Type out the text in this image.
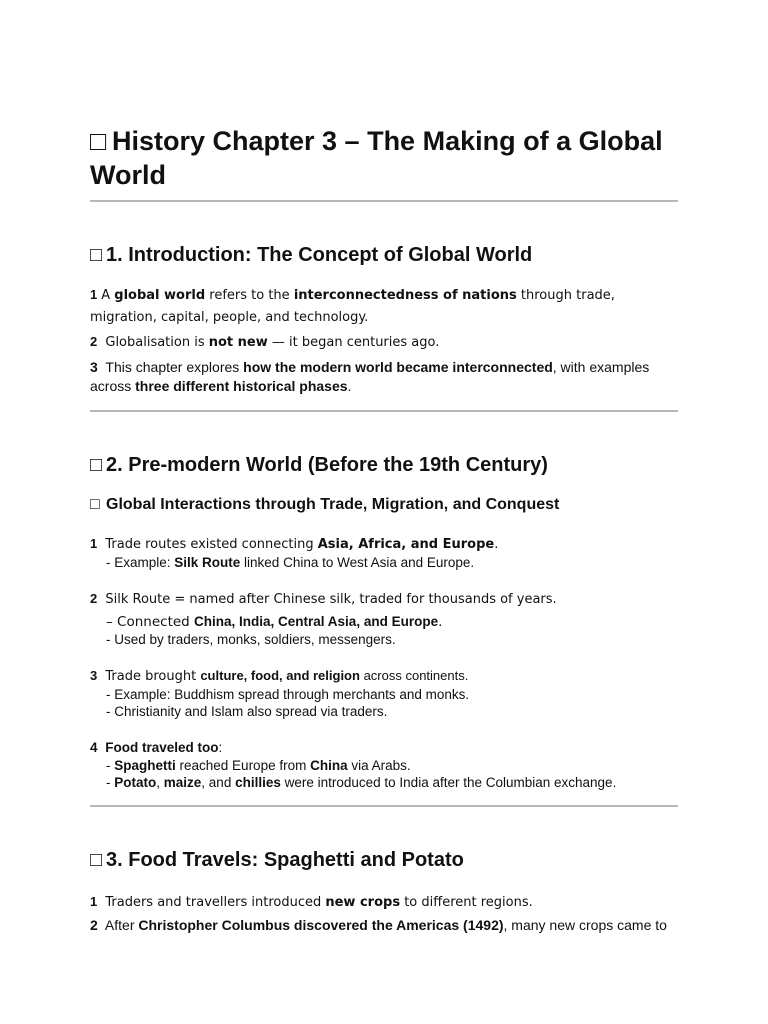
□ History Chapter 3 – The Making of a Global World
□ 1. Introduction: The Concept of Global World

1 A global world refers to the interconnectedness of nations through trade, migration, capital, people, and technology.

2 Globalisation is not new — it began centuries ago.

3 This chapter explores how the modern world became interconnected, with examples across three different historical phases.

□ 2. Pre-modern World (Before the 19th Century)
□ Global Interactions through Trade, Migration, and Conquest

1 Trade routes existed connecting Asia, Africa, and Europe.

- Example: Silk Route linked China to West Asia and Europe.

2 Silk Route = named after Chinese silk, traded for thousands of years.

– Connected China, India, Central Asia, and Europe.

- Used by traders, monks, soldiers, messengers.

3 Trade brought culture, food, and religion across continents.

- Example: Buddhism spread through merchants and monks.

- Christianity and Islam also spread via traders.

4 Food traveled too:

- Spaghetti reached Europe from China via Arabs.

- Potato, maize, and chillies were introduced to India after the Columbian exchange.

□ 3. Food Travels: Spaghetti and Potato

1 Traders and travellers introduced new crops to different regions.

2 After Christopher Columbus discovered the Americas (1492), many new crops came to
